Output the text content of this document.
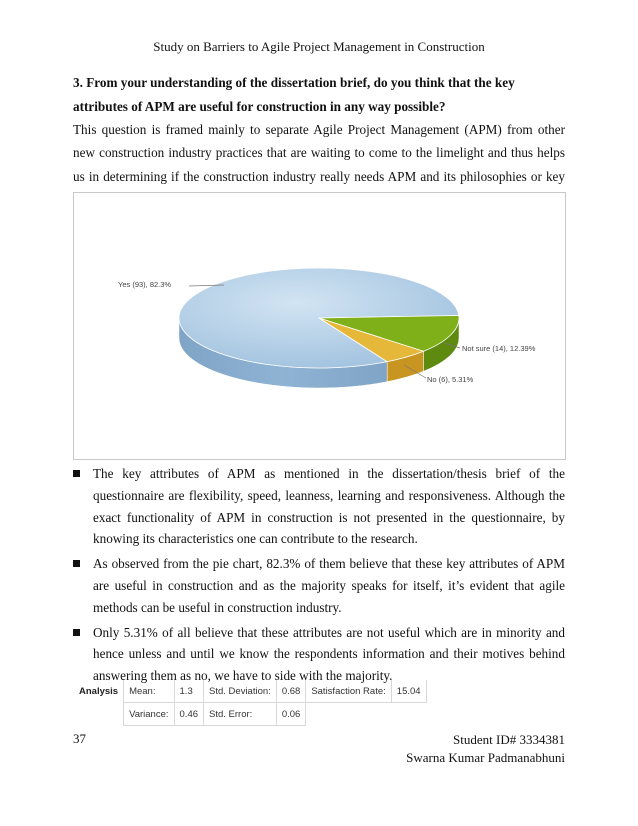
Study on Barriers to Agile Project Management in Construction
3. From your understanding of the dissertation brief, do you think that the key attributes of APM are useful for construction in any way possible?
This question is framed mainly to separate Agile Project Management (APM) from other new construction industry practices that are waiting to come to the limelight and thus helps us in determining if the construction industry really needs APM and its philosophies or key
Yes (93), 82.3%
Not sure (14), 12.39%
No (6), 5.31%
The key attributes of APM as mentioned in the dissertation/thesis brief of the questionnaire are flexibility, speed, leanness, learning and responsiveness. Although the exact functionality of APM in construction is not presented in the questionnaire, by knowing its characteristics one can contribute to the research.
As observed from the pie chart, 82.3% of them believe that these key attributes of APM are useful in construction and as the majority speaks for itself, it’s evident that agile methods can be useful in construction industry.
Only 5.31% of all believe that these attributes are not useful which are in minority and hence unless and until we know the respondents information and their motives behind answering them as no, we have to side with the majority.
Analysis	Mean:	1.3	Std. Deviation:	0.68	Satisfaction Rate:	15.04
	Variance:	0.46	Std. Error:	0.06		
37	Student ID# 3334381
Swarna Kumar Padmanabhuni
